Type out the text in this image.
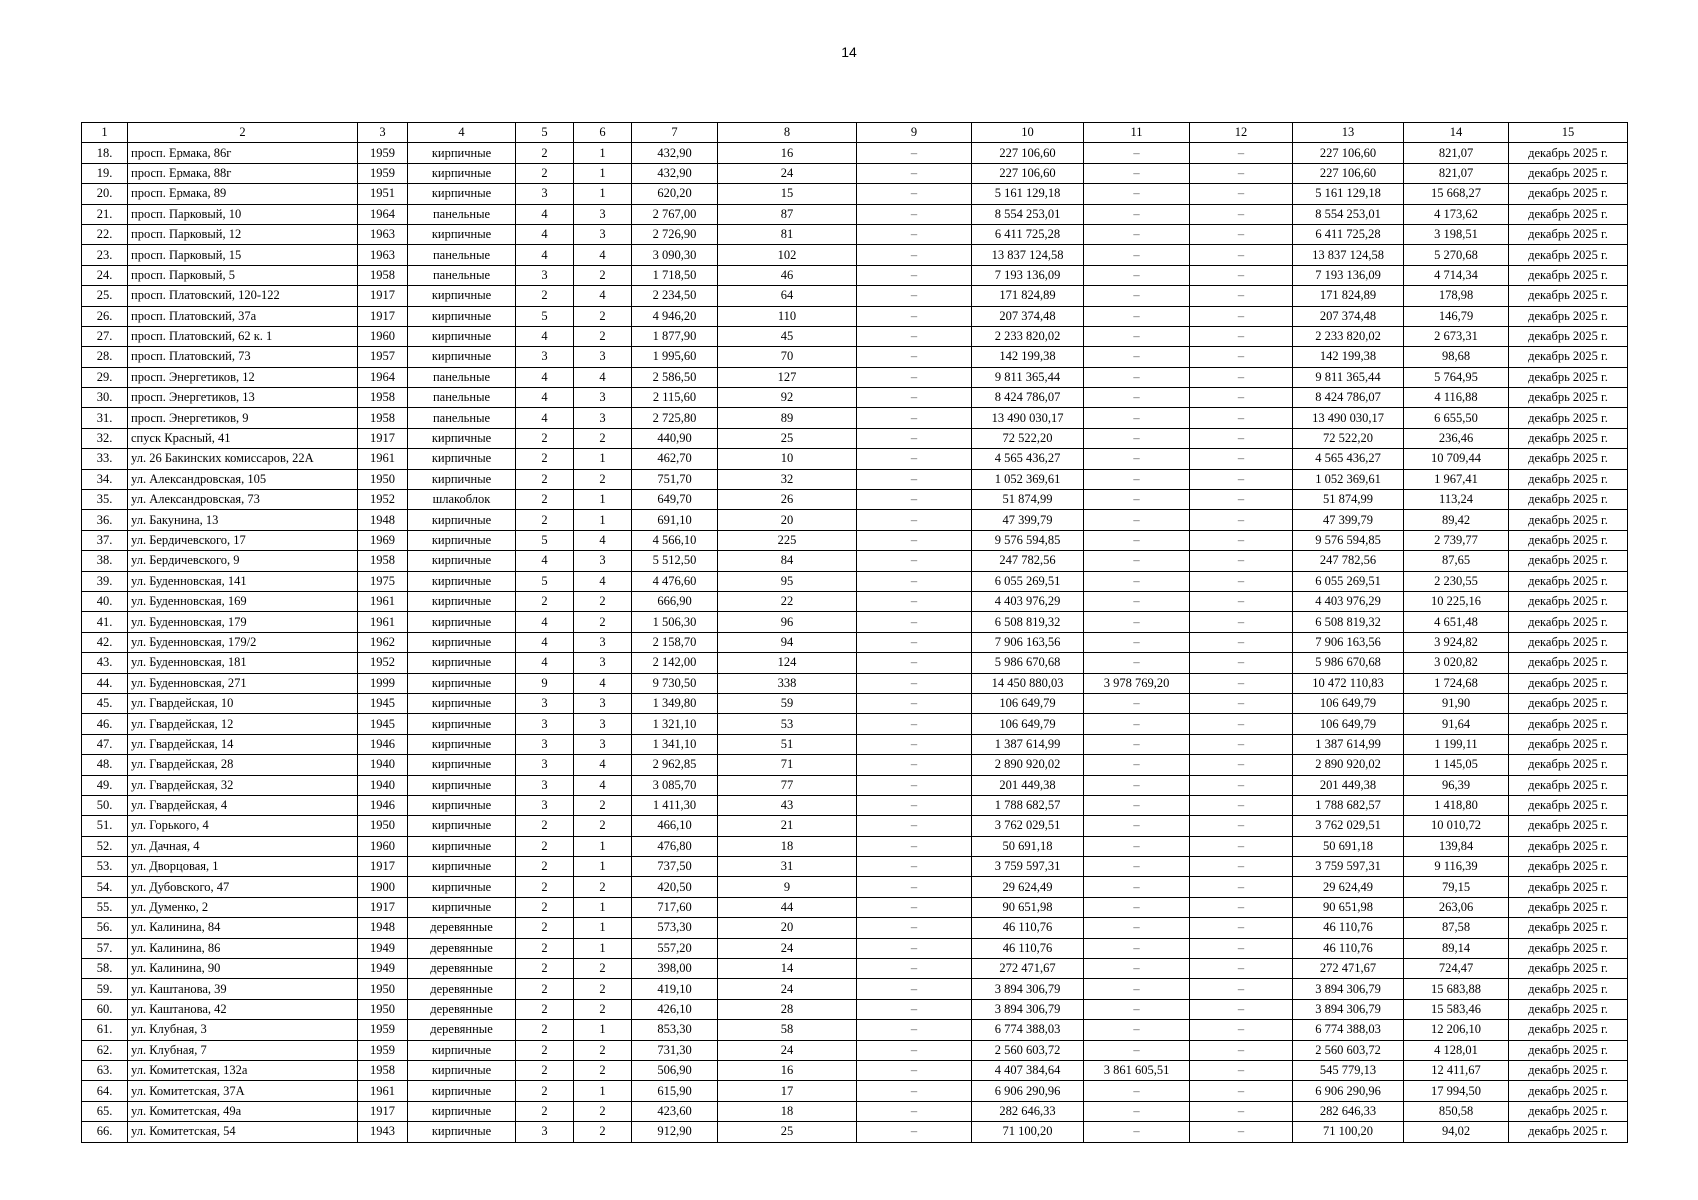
14
1	2	3	4	5	6	7	8	9	10	11	12	13	14	15
18.	просп. Ермака, 86г	1959	кирпичные	2	1	432,90	16	–	227 106,60	–	–	227 106,60	821,07	декабрь 2025 г.
19.	просп. Ермака, 88г	1959	кирпичные	2	1	432,90	24	–	227 106,60	–	–	227 106,60	821,07	декабрь 2025 г.
20.	просп. Ермака, 89	1951	кирпичные	3	1	620,20	15	–	5 161 129,18	–	–	5 161 129,18	15 668,27	декабрь 2025 г.
21.	просп. Парковый, 10	1964	панельные	4	3	2 767,00	87	–	8 554 253,01	–	–	8 554 253,01	4 173,62	декабрь 2025 г.
22.	просп. Парковый, 12	1963	кирпичные	4	3	2 726,90	81	–	6 411 725,28	–	–	6 411 725,28	3 198,51	декабрь 2025 г.
23.	просп. Парковый, 15	1963	панельные	4	4	3 090,30	102	–	13 837 124,58	–	–	13 837 124,58	5 270,68	декабрь 2025 г.
24.	просп. Парковый, 5	1958	панельные	3	2	1 718,50	46	–	7 193 136,09	–	–	7 193 136,09	4 714,34	декабрь 2025 г.
25.	просп. Платовский, 120-122	1917	кирпичные	2	4	2 234,50	64	–	171 824,89	–	–	171 824,89	178,98	декабрь 2025 г.
26.	просп. Платовский, 37а	1917	кирпичные	5	2	4 946,20	110	–	207 374,48	–	–	207 374,48	146,79	декабрь 2025 г.
27.	просп. Платовский, 62 к. 1	1960	кирпичные	4	2	1 877,90	45	–	2 233 820,02	–	–	2 233 820,02	2 673,31	декабрь 2025 г.
28.	просп. Платовский, 73	1957	кирпичные	3	3	1 995,60	70	–	142 199,38	–	–	142 199,38	98,68	декабрь 2025 г.
29.	просп. Энергетиков, 12	1964	панельные	4	4	2 586,50	127	–	9 811 365,44	–	–	9 811 365,44	5 764,95	декабрь 2025 г.
30.	просп. Энергетиков, 13	1958	панельные	4	3	2 115,60	92	–	8 424 786,07	–	–	8 424 786,07	4 116,88	декабрь 2025 г.
31.	просп. Энергетиков, 9	1958	панельные	4	3	2 725,80	89	–	13 490 030,17	–	–	13 490 030,17	6 655,50	декабрь 2025 г.
32.	спуск Красный, 41	1917	кирпичные	2	2	440,90	25	–	72 522,20	–	–	72 522,20	236,46	декабрь 2025 г.
33.	ул. 26 Бакинских комиссаров, 22А	1961	кирпичные	2	1	462,70	10	–	4 565 436,27	–	–	4 565 436,27	10 709,44	декабрь 2025 г.
34.	ул. Александровская, 105	1950	кирпичные	2	2	751,70	32	–	1 052 369,61	–	–	1 052 369,61	1 967,41	декабрь 2025 г.
35.	ул. Александровская, 73	1952	шлакоблок	2	1	649,70	26	–	51 874,99	–	–	51 874,99	113,24	декабрь 2025 г.
36.	ул. Бакунина, 13	1948	кирпичные	2	1	691,10	20	–	47 399,79	–	–	47 399,79	89,42	декабрь 2025 г.
37.	ул. Бердичевского, 17	1969	кирпичные	5	4	4 566,10	225	–	9 576 594,85	–	–	9 576 594,85	2 739,77	декабрь 2025 г.
38.	ул. Бердичевского, 9	1958	кирпичные	4	3	5 512,50	84	–	247 782,56	–	–	247 782,56	87,65	декабрь 2025 г.
39.	ул. Буденновская, 141	1975	кирпичные	5	4	4 476,60	95	–	6 055 269,51	–	–	6 055 269,51	2 230,55	декабрь 2025 г.
40.	ул. Буденновская, 169	1961	кирпичные	2	2	666,90	22	–	4 403 976,29	–	–	4 403 976,29	10 225,16	декабрь 2025 г.
41.	ул. Буденновская, 179	1961	кирпичные	4	2	1 506,30	96	–	6 508 819,32	–	–	6 508 819,32	4 651,48	декабрь 2025 г.
42.	ул. Буденновская, 179/2	1962	кирпичные	4	3	2 158,70	94	–	7 906 163,56	–	–	7 906 163,56	3 924,82	декабрь 2025 г.
43.	ул. Буденновская, 181	1952	кирпичные	4	3	2 142,00	124	–	5 986 670,68	–	–	5 986 670,68	3 020,82	декабрь 2025 г.
44.	ул. Буденновская, 271	1999	кирпичные	9	4	9 730,50	338	–	14 450 880,03	3 978 769,20	–	10 472 110,83	1 724,68	декабрь 2025 г.
45.	ул. Гвардейская, 10	1945	кирпичные	3	3	1 349,80	59	–	106 649,79	–	–	106 649,79	91,90	декабрь 2025 г.
46.	ул. Гвардейская, 12	1945	кирпичные	3	3	1 321,10	53	–	106 649,79	–	–	106 649,79	91,64	декабрь 2025 г.
47.	ул. Гвардейская, 14	1946	кирпичные	3	3	1 341,10	51	–	1 387 614,99	–	–	1 387 614,99	1 199,11	декабрь 2025 г.
48.	ул. Гвардейская, 28	1940	кирпичные	3	4	2 962,85	71	–	2 890 920,02	–	–	2 890 920,02	1 145,05	декабрь 2025 г.
49.	ул. Гвардейская, 32	1940	кирпичные	3	4	3 085,70	77	–	201 449,38	–	–	201 449,38	96,39	декабрь 2025 г.
50.	ул. Гвардейская, 4	1946	кирпичные	3	2	1 411,30	43	–	1 788 682,57	–	–	1 788 682,57	1 418,80	декабрь 2025 г.
51.	ул. Горького, 4	1950	кирпичные	2	2	466,10	21	–	3 762 029,51	–	–	3 762 029,51	10 010,72	декабрь 2025 г.
52.	ул. Дачная, 4	1960	кирпичные	2	1	476,80	18	–	50 691,18	–	–	50 691,18	139,84	декабрь 2025 г.
53.	ул. Дворцовая, 1	1917	кирпичные	2	1	737,50	31	–	3 759 597,31	–	–	3 759 597,31	9 116,39	декабрь 2025 г.
54.	ул. Дубовского, 47	1900	кирпичные	2	2	420,50	9	–	29 624,49	–	–	29 624,49	79,15	декабрь 2025 г.
55.	ул. Думенко, 2	1917	кирпичные	2	1	717,60	44	–	90 651,98	–	–	90 651,98	263,06	декабрь 2025 г.
56.	ул. Калинина, 84	1948	деревянные	2	1	573,30	20	–	46 110,76	–	–	46 110,76	87,58	декабрь 2025 г.
57.	ул. Калинина, 86	1949	деревянные	2	1	557,20	24	–	46 110,76	–	–	46 110,76	89,14	декабрь 2025 г.
58.	ул. Калинина, 90	1949	деревянные	2	2	398,00	14	–	272 471,67	–	–	272 471,67	724,47	декабрь 2025 г.
59.	ул. Каштанова, 39	1950	деревянные	2	2	419,10	24	–	3 894 306,79	–	–	3 894 306,79	15 683,88	декабрь 2025 г.
60.	ул. Каштанова, 42	1950	деревянные	2	2	426,10	28	–	3 894 306,79	–	–	3 894 306,79	15 583,46	декабрь 2025 г.
61.	ул. Клубная, 3	1959	деревянные	2	1	853,30	58	–	6 774 388,03	–	–	6 774 388,03	12 206,10	декабрь 2025 г.
62.	ул. Клубная, 7	1959	кирпичные	2	2	731,30	24	–	2 560 603,72	–	–	2 560 603,72	4 128,01	декабрь 2025 г.
63.	ул. Комитетская, 132а	1958	кирпичные	2	2	506,90	16	–	4 407 384,64	3 861 605,51	–	545 779,13	12 411,67	декабрь 2025 г.
64.	ул. Комитетская, 37А	1961	кирпичные	2	1	615,90	17	–	6 906 290,96	–	–	6 906 290,96	17 994,50	декабрь 2025 г.
65.	ул. Комитетская, 49а	1917	кирпичные	2	2	423,60	18	–	282 646,33	–	–	282 646,33	850,58	декабрь 2025 г.
66.	ул. Комитетская, 54	1943	кирпичные	3	2	912,90	25	–	71 100,20	–	–	71 100,20	94,02	декабрь 2025 г.
